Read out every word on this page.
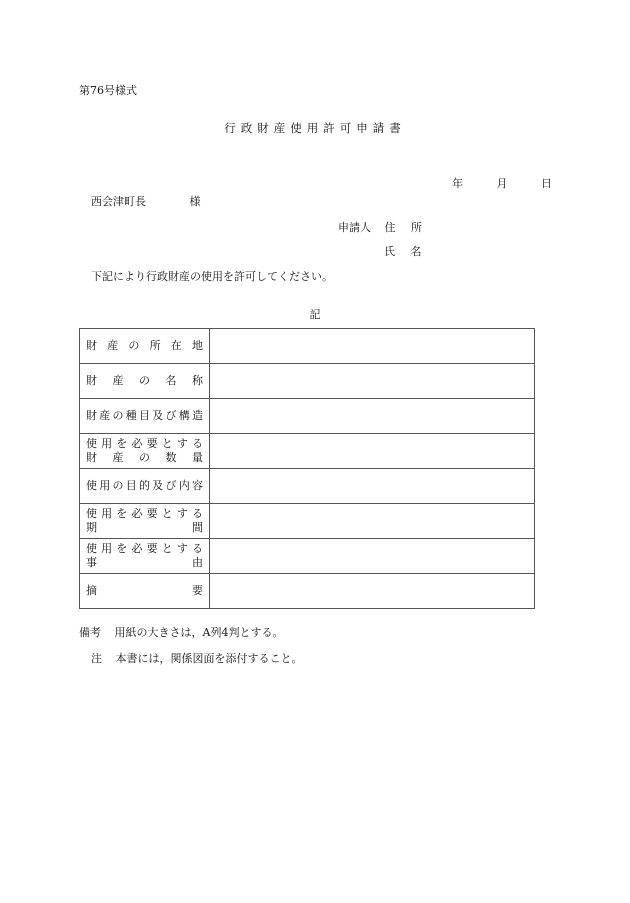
第76号様式
行政財産使用許可申請書
年	月	日
西会津町長	様
申請人 住 所
氏 名
下記により行政財産の使用を許可してください。
記
財産の所在地	

財 産 の 名 称	

財産の種目及び構造	

使用を必要とする
財 産 の 数 量	

使用の目的及び内容	

使用を必要とする
期 間	

使用を必要とする
事 由	

摘 要	

備考 用紙の大きさは，A列4判とする。
注 本書には，関係図面を添付すること。
